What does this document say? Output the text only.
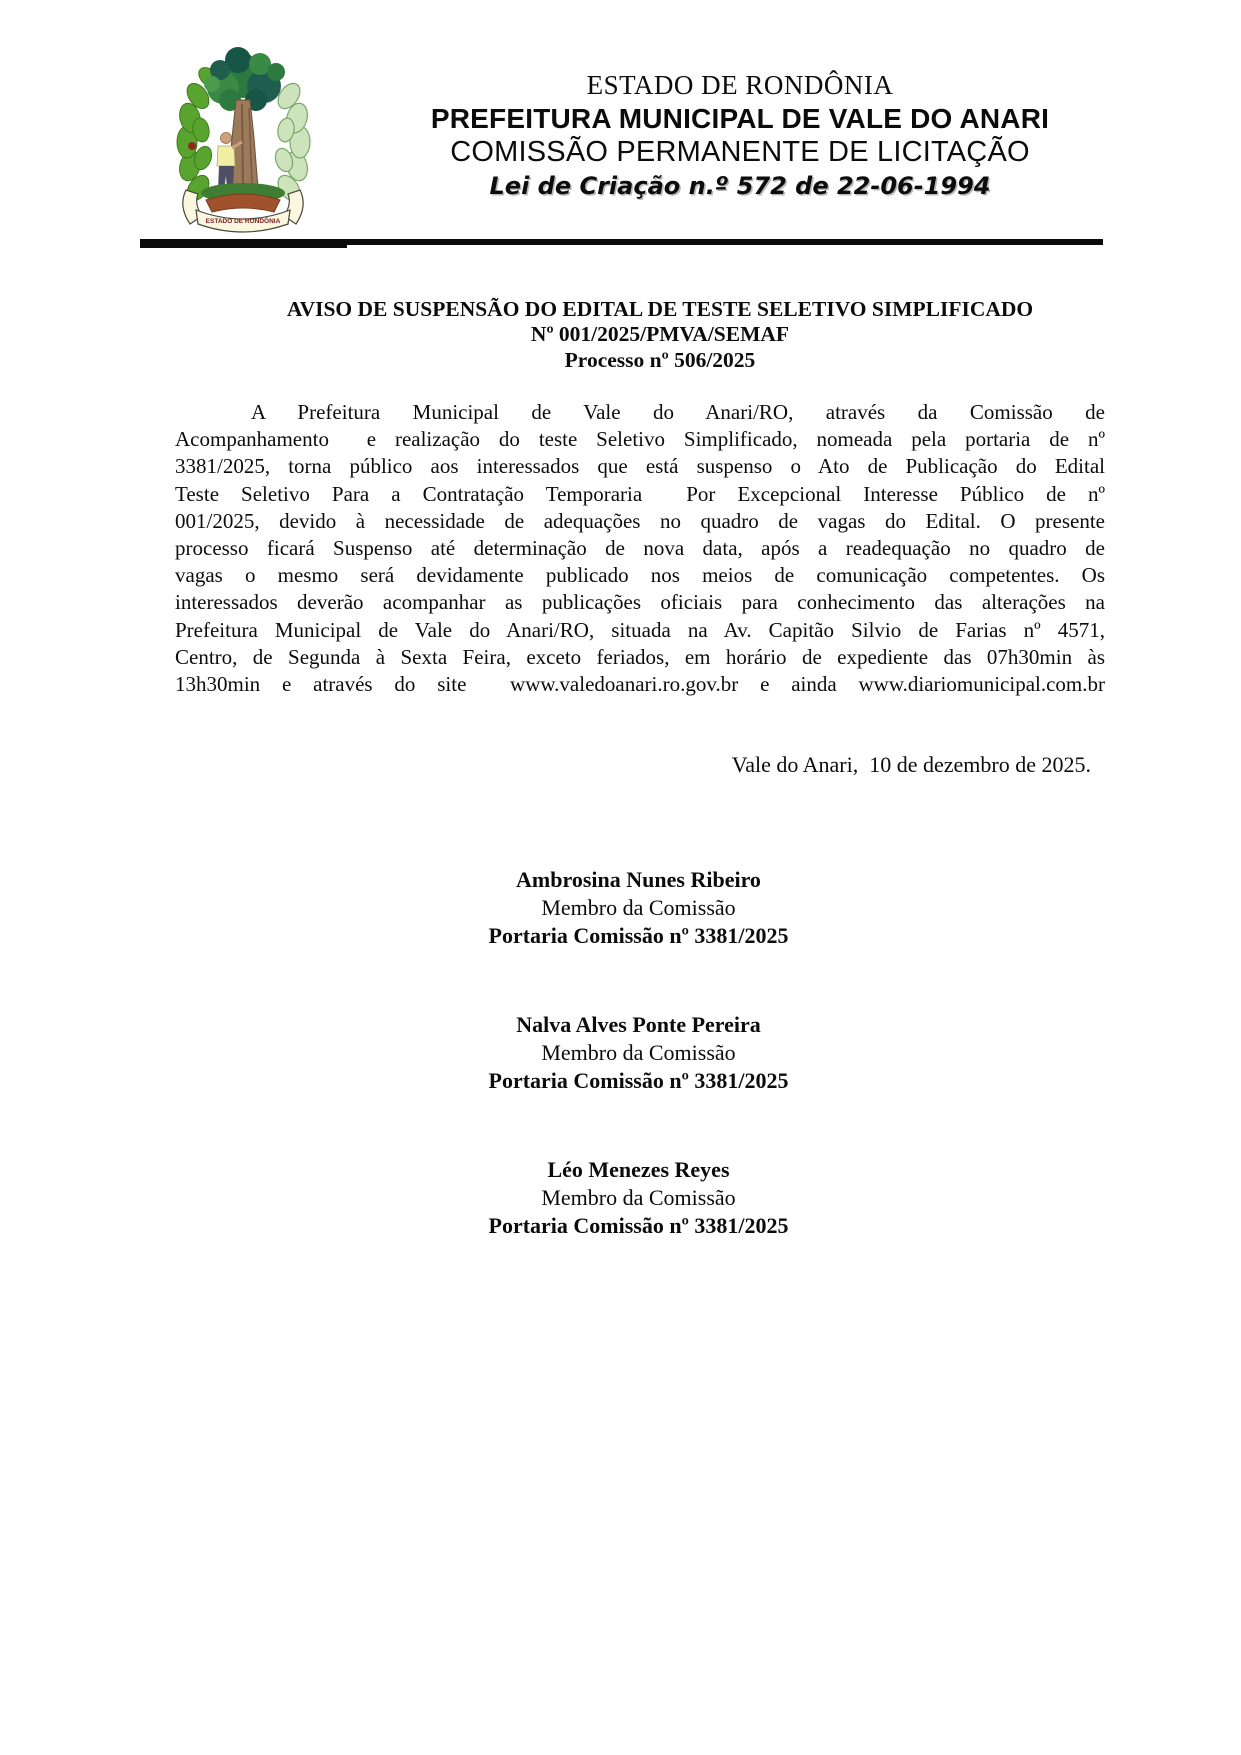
ESTADO DE RONDÔNIA
ESTADO DE RONDÔNIA
PREFEITURA MUNICIPAL DE VALE DO ANARI
COMISSÃO PERMANENTE DE LICITAÇÃO
Lei de Criação n.º 572 de 22-06-1994
AVISO DE SUSPENSÃO DO EDITAL DE TESTE SELETIVO SIMPLIFICADO
Nº 001/2025/PMVA/SEMAF
Processo nº 506/2025
A   Prefeitura   Municipal   de   Vale   do   Anari/RO,   através   da   Comissão   de
Acompanhamento  e realização do teste Seletivo Simplificado, nomeada pela portaria de nº
3381/2025, torna público aos interessados que está suspenso o Ato de Publicação do Edital
Teste Seletivo Para a Contratação Temporaria  Por Excepcional Interesse Público de nº
001/2025, devido à necessidade de adequações no quadro de vagas do Edital. O presente
processo ficará Suspenso até determinação de nova data, após a readequação no quadro de
vagas o mesmo será devidamente publicado nos meios de comunicação competentes. Os
interessados deverão acompanhar as publicações oficiais para conhecimento das alterações na
Prefeitura Municipal de Vale do Anari/RO, situada na Av. Capitão Silvio de Farias nº 4571,
Centro, de Segunda à Sexta Feira, exceto feriados, em horário de expediente das 07h30min às
13h30min e através do site  www.valedoanari.ro.gov.br e ainda www.diariomunicipal.com.br
Vale do Anari,  10 de dezembro de 2025.
Ambrosina Nunes Ribeiro
Membro da Comissão
Portaria Comissão nº 3381/2025
Nalva Alves Ponte Pereira
Membro da Comissão
Portaria Comissão nº 3381/2025
Léo Menezes Reyes
Membro da Comissão
Portaria Comissão nº 3381/2025
